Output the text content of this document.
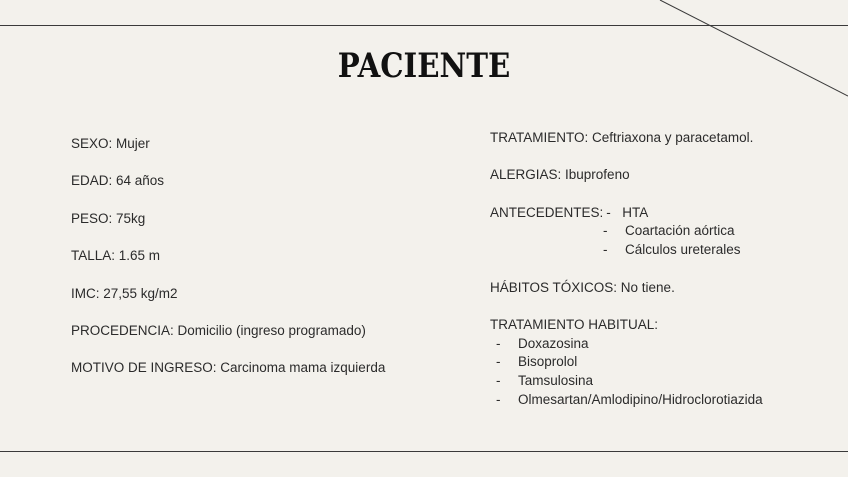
PACIENTE
SEXO: Mujer
EDAD: 64 años
PESO: 75kg
TALLA: 1.65 m
IMC: 27,55 kg/m2
PROCEDENCIA: Domicilio (ingreso programado)
MOTIVO DE INGRESO: Carcinoma mama izquierda
TRATAMIENTO: Ceftriaxona y paracetamol.
ALERGIAS: Ibuprofeno
ANTECEDENTES: - HTA
-	Coartación aórtica
-	Cálculos ureterales
HÁBITOS TÓXICOS: No tiene.
TRATAMIENTO HABITUAL:
-	Doxazosina
-	Bisoprolol
-	Tamsulosina
-	Olmesartan/Amlodipino/Hidroclorotiazida
